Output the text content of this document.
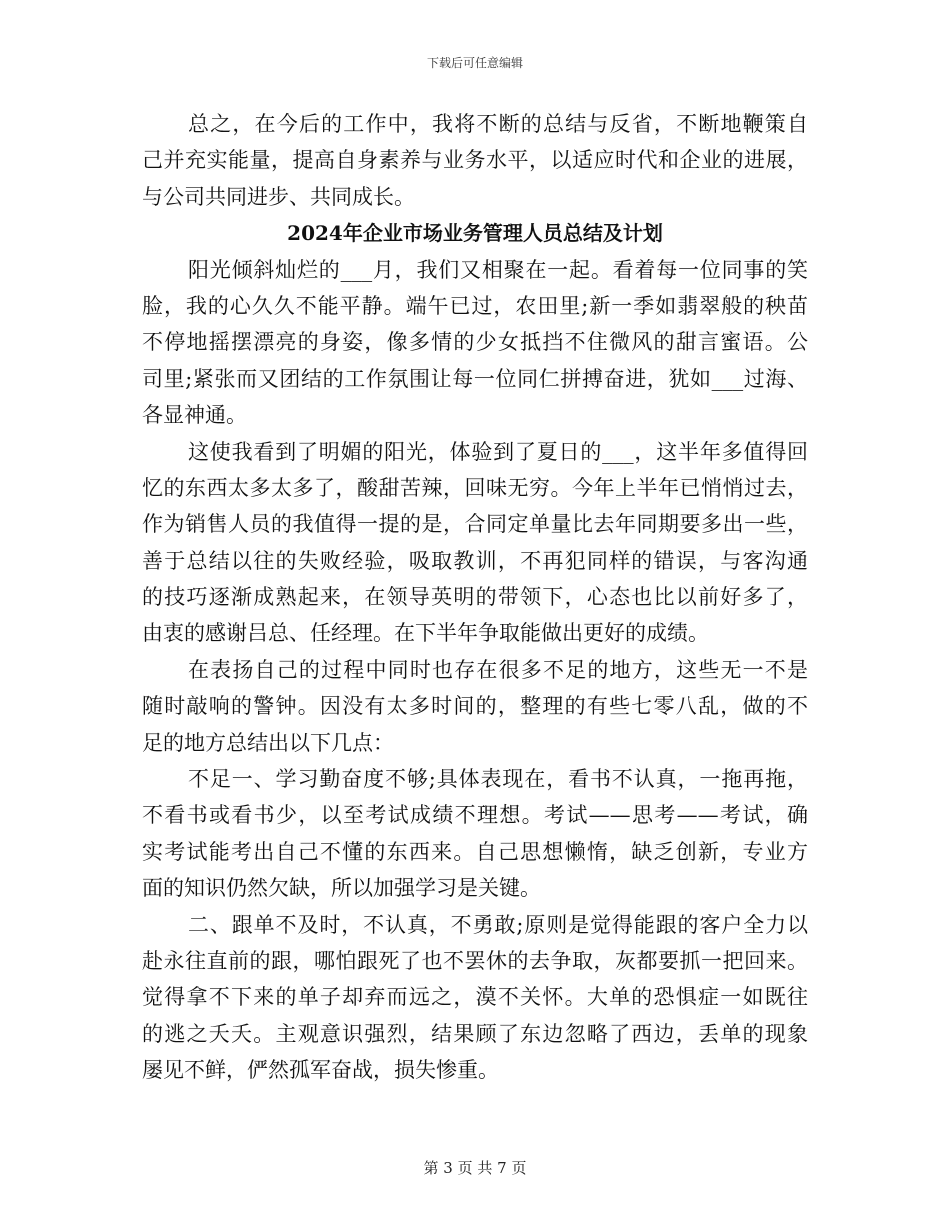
下载后可任意编辑
总之，在今后的工作中，我将不断的总结与反省，不断地鞭策自
己并充实能量，提高自身素养与业务水平，以适应时代和企业的进展，
与公司共同进步、共同成长。
2024年企业市场业务管理人员总结及计划
阳光倾斜灿烂的___月，我们又相聚在一起。看着每一位同事的笑
脸，我的心久久不能平静。端午已过，农田里;新一季如翡翠般的秧苗
不停地摇摆漂亮的身姿，像多情的少女抵挡不住微风的甜言蜜语。公
司里;紧张而又团结的工作氛围让每一位同仁拼搏奋进，犹如___过海、
各显神通。
这使我看到了明媚的阳光，体验到了夏日的___，这半年多值得回
忆的东西太多太多了，酸甜苦辣，回味无穷。今年上半年已悄悄过去，
作为销售人员的我值得一提的是，合同定单量比去年同期要多出一些，
善于总结以往的失败经验，吸取教训，不再犯同样的错误，与客沟通
的技巧逐渐成熟起来，在领导英明的带领下，心态也比以前好多了，
由衷的感谢吕总、任经理。在下半年争取能做出更好的成绩。
在表扬自己的过程中同时也存在很多不足的地方，这些无一不是
随时敲响的警钟。因没有太多时间的，整理的有些七零八乱，做的不
足的地方总结出以下几点：
不足一、学习勤奋度不够;具体表现在，看书不认真，一拖再拖，
不看书或看书少，以至考试成绩不理想。考试——思考——考试，确
实考试能考出自己不懂的东西来。自己思想懒惰，缺乏创新，专业方
面的知识仍然欠缺，所以加强学习是关键。
二、跟单不及时，不认真，不勇敢;原则是觉得能跟的客户全力以
赴永往直前的跟，哪怕跟死了也不罢休的去争取，灰都要抓一把回来。
觉得拿不下来的单子却弃而远之，漠不关怀。大单的恐惧症一如既往
的逃之夭夭。主观意识强烈，结果顾了东边忽略了西边，丢单的现象
屡见不鲜，俨然孤军奋战，损失惨重。
第 3 页 共 7 页
